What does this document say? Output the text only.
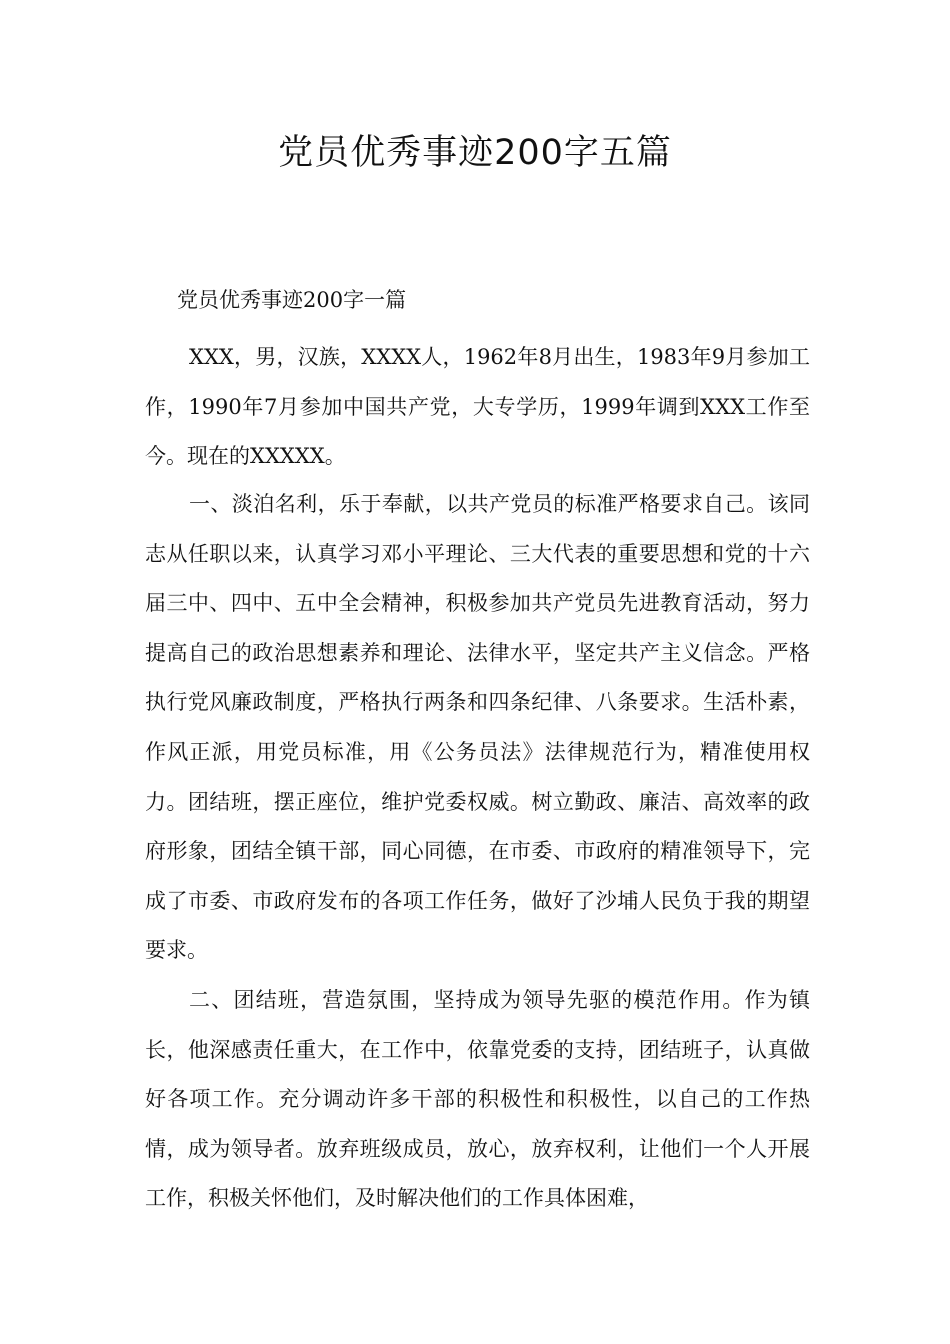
党员优秀事迹200字五篇
党员优秀事迹200字一篇

XXX，男，汉族，XXXX人，1962年8月出生，1983年9月参加工作，1990年7月参加中国共产党，大专学历，1999年调到XXX工作至今。现在的XXXXX。

一、淡泊名利，乐于奉献，以共产党员的标准严格要求自己。该同志从任职以来，认真学习邓小平理论、三大代表的重要思想和党的十六届三中、四中、五中全会精神，积极参加共产党员先进教育活动，努力提高自己的政治思想素养和理论、法律水平，坚定共产主义信念。严格执行党风廉政制度，严格执行两条和四条纪律、八条要求。生活朴素，作风正派，用党员标准，用《公务员法》法律规范行为，精准使用权力。团结班，摆正座位，维护党委权威。树立勤政、廉洁、高效率的政府形象，团结全镇干部，同心同德，在市委、市政府的精准领导下，完成了市委、市政府发布的各项工作任务，做好了沙埔人民负于我的期望要求。

二、团结班，营造氛围，坚持成为领导先驱的模范作用。作为镇长，他深感责任重大，在工作中，依靠党委的支持，团结班子，认真做好各项工作。充分调动许多干部的积极性和积极性，以自己的工作热情，成为领导者。放弃班级成员，放心，放弃权利，让他们一个人开展工作，积极关怀他们，及时解决他们的工作具体困难，
